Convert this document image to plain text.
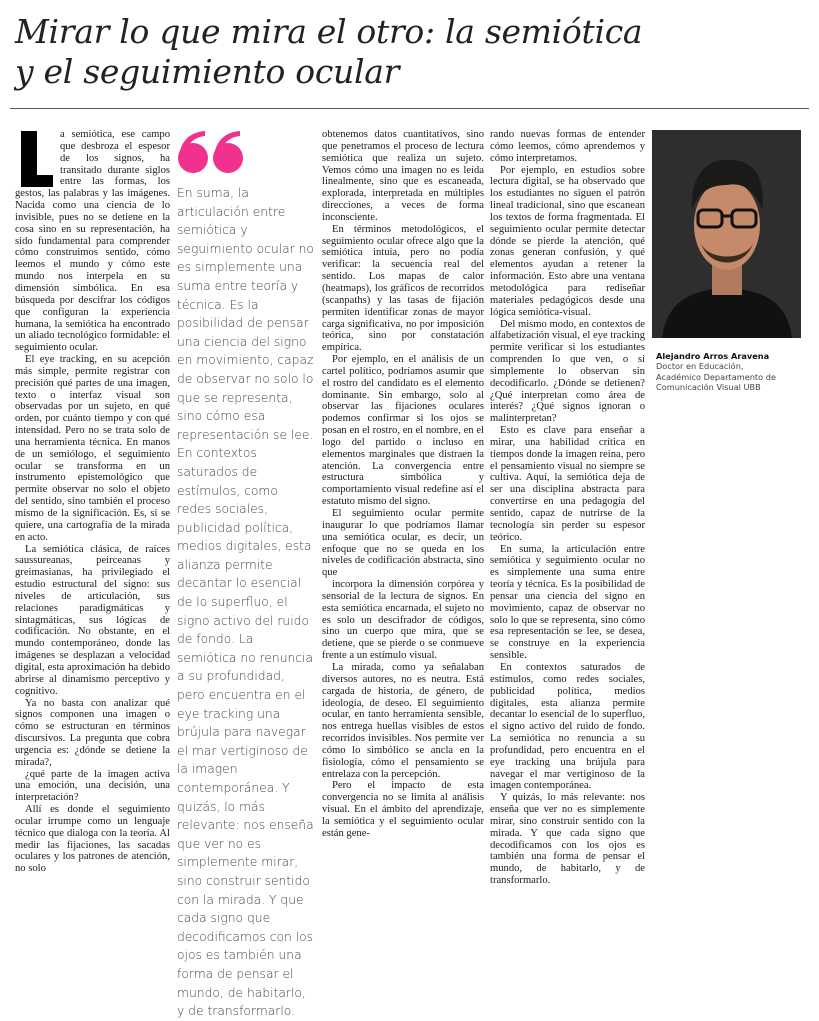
Mirar lo que mira el otro: la semiótica
y el seguimiento ocular

a semiótica, ese campo que desbroza el espesor de los signos, ha transitado durante siglos entre las formas, los gestos, las palabras y las imágenes. Nacida como una ciencia de lo invisible, pues no se detiene en la cosa sino en su representación, ha sido fundamental para comprender cómo construimos sentido, cómo leemos el mundo y cómo este mundo nos interpela en su dimensión simbólica. En esa búsqueda por descifrar los códigos que configuran la experiencia humana, la semiótica ha encontrado un aliado tecnológico formidable: el seguimiento ocular.

El eye tracking, en su acepción más simple, permite registrar con precisión qué partes de una imagen, texto o interfaz visual son observadas por un sujeto, en qué orden, por cuánto tiempo y con qué intensidad. Pero no se trata solo de una herramienta técnica. En manos de un semiólogo, el seguimiento ocular se transforma en un instrumento epistemológico que permite observar no solo el objeto del sentido, sino también el proceso mismo de la significación. Es, si se quiere, una cartografía de la mirada en acto.

La semiótica clásica, de raíces saussureanas, peirceanas y greimasianas, ha privilegiado el estudio estructural del signo: sus niveles de articulación, sus relaciones paradigmáticas y sintagmáticas, sus lógicas de codificación. No obstante, en el mundo contemporáneo, donde las imágenes se desplazan a velocidad digital, esta aproximación ha debido abrirse al dinamismo perceptivo y cognitivo.

Ya no basta con analizar qué signos componen una imagen o cómo se estructuran en términos discursivos. La pregunta que cobra urgencia es: ¿dónde se detiene la mirada?,

¿qué parte de la imagen activa una emoción, una decisión, una interpretación?

Allí es donde el seguimiento ocular irrumpe como un lenguaje técnico que dialoga con la teoría. Al medir las fijaciones, las sacadas oculares y los patrones de atención, no solo

En suma, la articulación entre semiótica y seguimiento ocular no es simplemente una suma entre teoría y técnica. Es la posibilidad de pensar una ciencia del signo en movimiento, capaz de observar no solo lo que se representa, sino cómo esa representación se lee. En contextos saturados de estímulos, como redes sociales, publicidad política, medios digitales, esta alianza permite decantar lo esencial de lo superfluo, el signo activo del ruido de fondo. La semiótica no renuncia a su profundidad, pero encuentra en el eye tracking una brújula para navegar el mar vertiginoso de la imagen contemporánea. Y quizás, lo más relevante: nos enseña que ver no es simplemente mirar, sino construir sentido con la mirada. Y que cada signo que decodificamos con los ojos es también una forma de pensar el mundo, de habitarlo, y de transformarlo.

obtenemos datos cuantitativos, sino que penetramos el proceso de lectura semiótica que realiza un sujeto. Vemos cómo una imagen no es leída linealmente, sino que es escaneada, explorada, interpretada en múltiples direcciones, a veces de forma inconsciente.

En términos metodológicos, el seguimiento ocular ofrece algo que la semiótica intuía, pero no podía verificar: la secuencia real del sentido. Los mapas de calor (heatmaps), los gráficos de recorridos (scanpaths) y las tasas de fijación permiten identificar zonas de mayor carga significativa, no por imposición teórica, sino por constatación empírica.

Por ejemplo, en el análisis de un cartel político, podríamos asumir que el rostro del candidato es el elemento dominante. Sin embargo, solo al observar las fijaciones oculares podemos confirmar si los ojos se posan en el rostro, en el nombre, en el logo del partido o incluso en elementos marginales que distraen la atención. La convergencia entre estructura simbólica y comportamiento visual redefine así el estatuto mismo del signo.

El seguimiento ocular permite inaugurar lo que podríamos llamar una semiótica ocular, es decir, un enfoque que no se queda en los niveles de codificación abstracta, sino que

incorpora la dimensión corpórea y sensorial de la lectura de signos. En esta semiótica encarnada, el sujeto no es solo un descifrador de códigos, sino un cuerpo que mira, que se detiene, que se pierde o se conmueve frente a un estímulo visual.

La mirada, como ya señalaban diversos autores, no es neutra. Está cargada de historia, de género, de ideología, de deseo. El seguimiento ocular, en tanto herramienta sensible, nos entrega huellas visibles de estos recorridos invisibles. Nos permite ver cómo lo simbólico se ancla en la fisiología, cómo el pensamiento se entrelaza con la percepción.

Pero el impacto de esta convergencia no se limita al análisis visual. En el ámbito del aprendizaje, la semiótica y el seguimiento ocular están gene-

rando nuevas formas de entender cómo leemos, cómo aprendemos y cómo interpretamos.

Por ejemplo, en estudios sobre lectura digital, se ha observado que los estudiantes no siguen el patrón lineal tradicional, sino que escanean los textos de forma fragmentada. El seguimiento ocular permite detectar dónde se pierde la atención, qué zonas generan confusión, y qué elementos ayudan a retener la información. Esto abre una ventana metodológica para rediseñar materiales pedagógicos desde una lógica semiótica-visual.

Del mismo modo, en contextos de alfabetización visual, el eye tracking permite verificar si los estudiantes comprenden lo que ven, o si simplemente lo observan sin decodificarlo. ¿Dónde se detienen? ¿Qué interpretan como área de interés? ¿Qué signos ignoran o malinterpretan?

Esto es clave para enseñar a mirar, una habilidad crítica en tiempos donde la imagen reina, pero el pensamiento visual no siempre se cultiva. Aquí, la semiótica deja de ser una disciplina abstracta para convertirse en una pedagogía del sentido, capaz de nutrirse de la tecnología sin perder su espesor teórico.

En suma, la articulación entre semiótica y seguimiento ocular no es simplemente una suma entre teoría y técnica. Es la posibilidad de pensar una ciencia del signo en movimiento, capaz de observar no solo lo que se representa, sino cómo esa representación se lee, se desea, se construye en la experiencia sensible.

En contextos saturados de estímulos, como redes sociales, publicidad política, medios digitales, esta alianza permite decantar lo esencial de lo superfluo, el signo activo del ruido de fondo. La semiótica no renuncia a su profundidad, pero encuentra en el eye tracking una brújula para navegar el mar vertiginoso de la imagen contemporánea.

Y quizás, lo más relevante: nos enseña que ver no es simplemente mirar, sino construir sentido con la mirada. Y que cada signo que decodificamos con los ojos es también una forma de pensar el mundo, de habitarlo, y de transformarlo.

Alejandro Arros Aravena
Doctor en Educación,
Académico Departamento de
Comunicación Visual UBB
